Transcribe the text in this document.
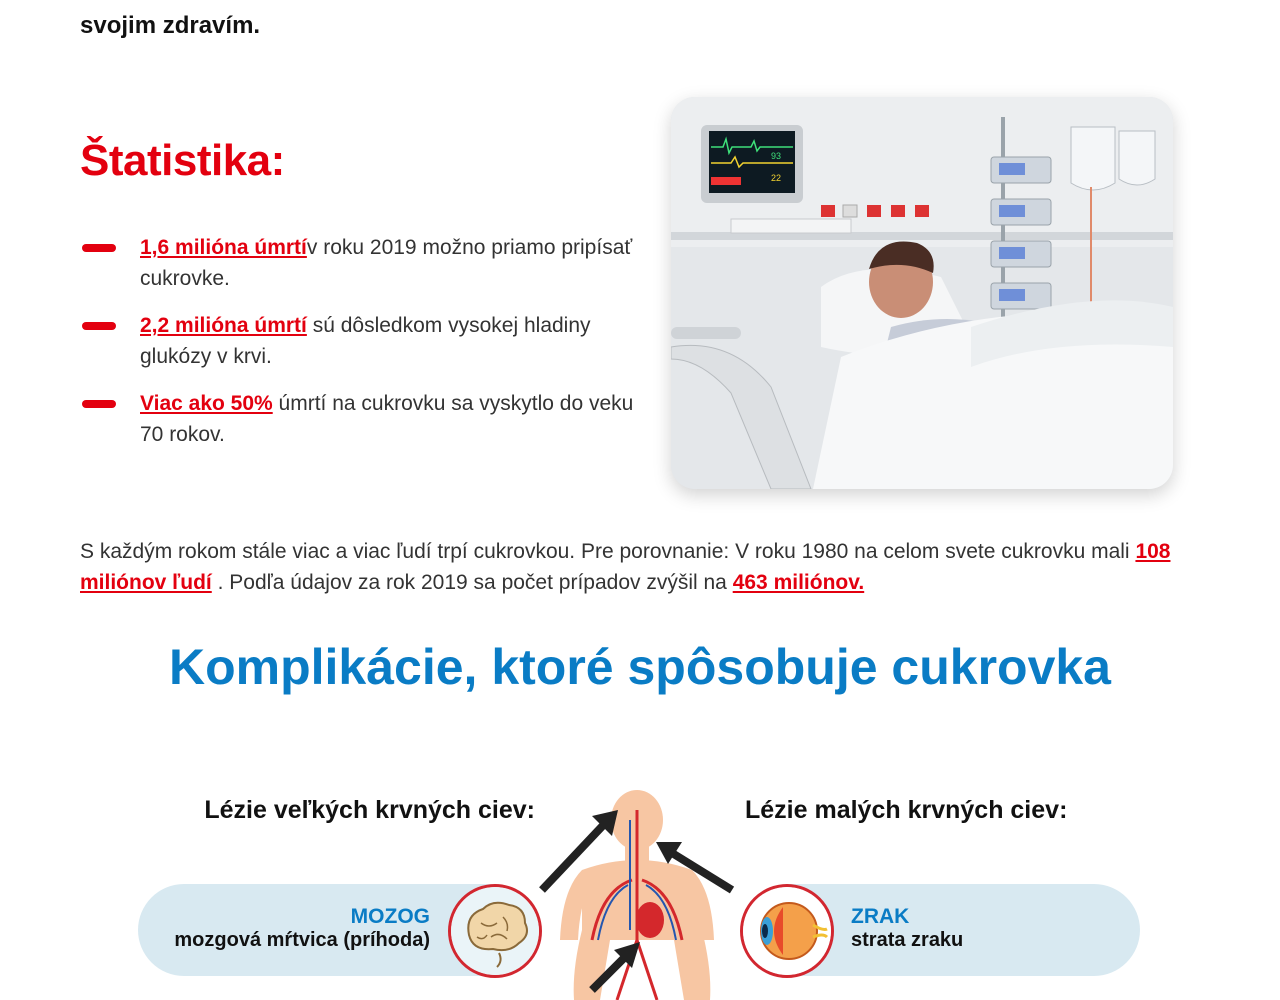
svojim zdravím.

Štatistika:
1,6 milióna úmrtív roku 2019 možno priamo pripísať cukrovke.
2,2 milióna úmrtí sú dôsledkom vysokej hladiny glukózy v krvi.
Viac ako 50% úmrtí na cukrovku sa vyskytlo do veku 70 rokov.
93
22

S každým rokom stále viac a viac ľudí trpí cukrovkou. Pre porovnanie: V roku 1980 na celom svete cukrovku mali 108 miliónov ľudí . Podľa údajov za rok 2019 sa počet prípadov zvýšil na 463 miliónov.

Komplikácie, ktoré spôsobuje cukrovka
Lézie veľkých krvných ciev:	Lézie malých krvných ciev:

MOZOG

mozgová mŕtvica (príhoda)

ZRAK

strata zraku
